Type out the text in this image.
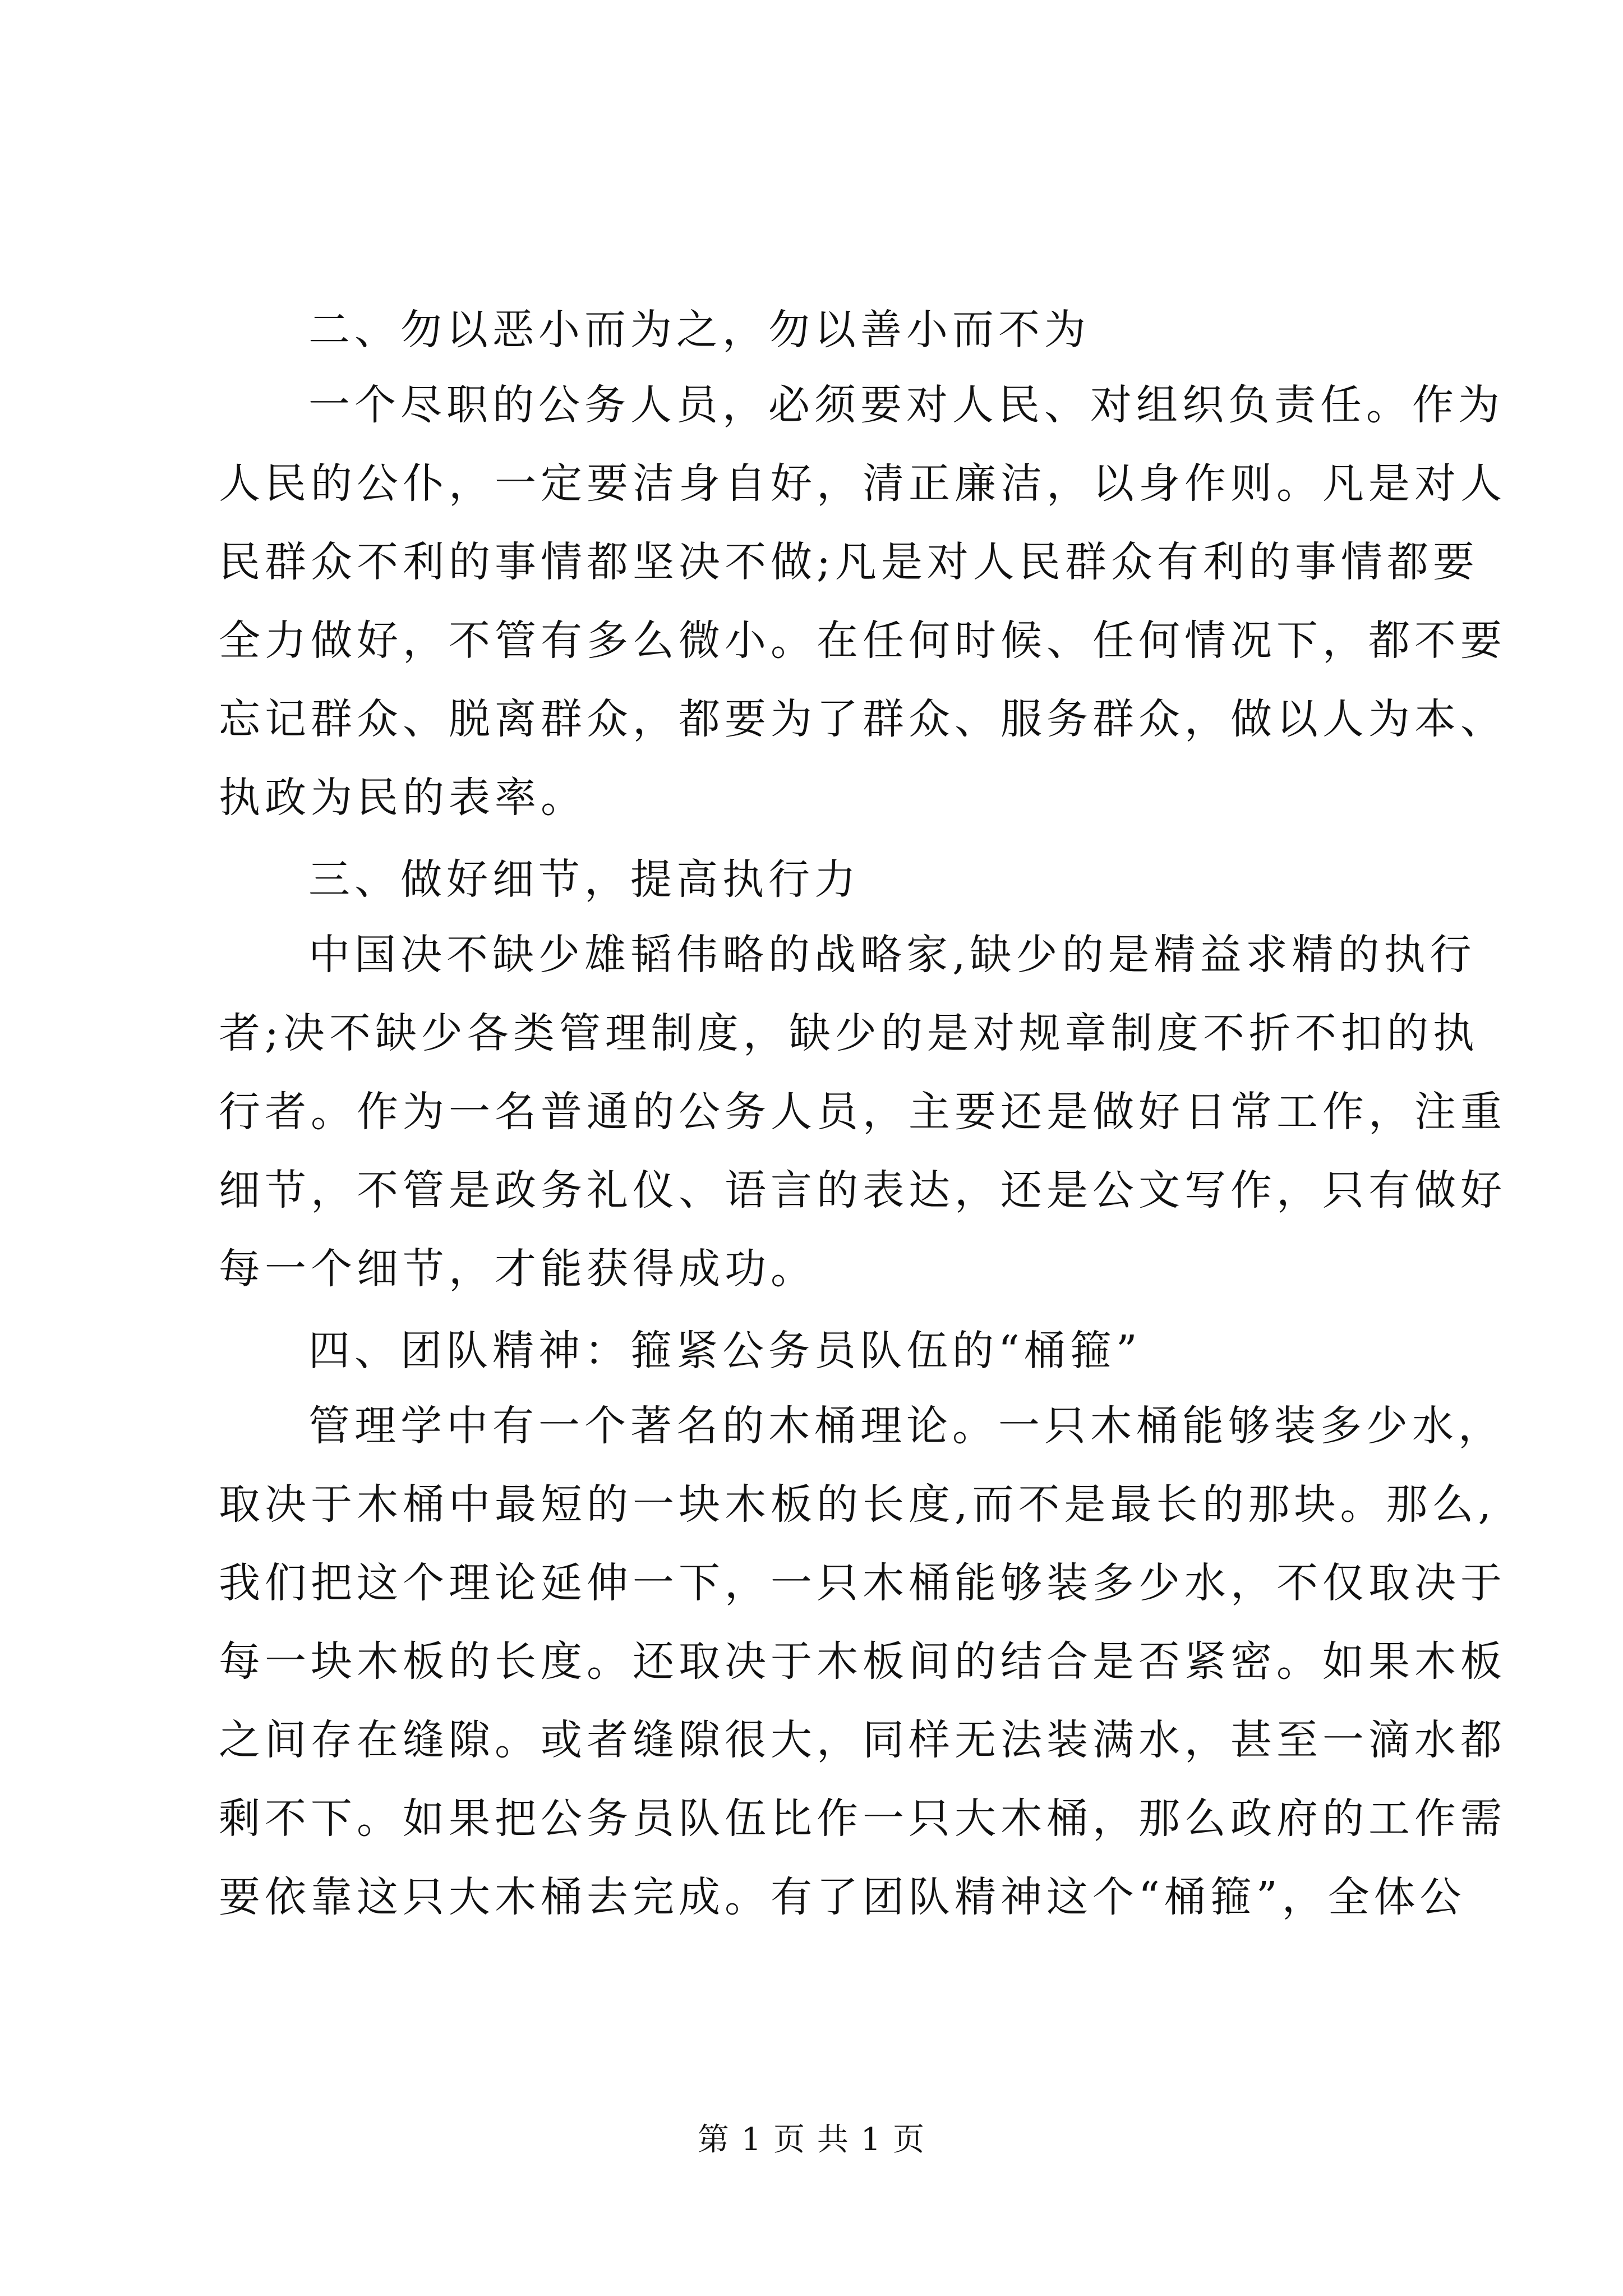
二、勿以恶小而为之，勿以善小而不为
一个尽职的公务人员，必须要对人民、对组织负责任。作为
人民的公仆，一定要洁身自好，清正廉洁，以身作则。凡是对人
民群众不利的事情都坚决不做;凡是对人民群众有利的事情都要
全力做好，不管有多么微小。在任何时候、任何情况下，都不要
忘记群众、脱离群众，都要为了群众、服务群众，做以人为本、
执政为民的表率。
三、做好细节，提高执行力
中国决不缺少雄韬伟略的战略家,缺少的是精益求精的执行
者;决不缺少各类管理制度，缺少的是对规章制度不折不扣的执
行者。作为一名普通的公务人员，主要还是做好日常工作，注重
细节，不管是政务礼仪、语言的表达，还是公文写作，只有做好
每一个细节，才能获得成功。
四、团队精神：箍紧公务员队伍的“桶箍”
管理学中有一个著名的木桶理论。一只木桶能够装多少水，
取决于木桶中最短的一块木板的长度,而不是最长的那块。那么,
我们把这个理论延伸一下，一只木桶能够装多少水，不仅取决于
每一块木板的长度。还取决于木板间的结合是否紧密。如果木板
之间存在缝隙。或者缝隙很大，同样无法装满水，甚至一滴水都
剩不下。如果把公务员队伍比作一只大木桶，那么政府的工作需
要依靠这只大木桶去完成。有了团队精神这个“桶箍”，全体公
第 1 页 共 1 页
